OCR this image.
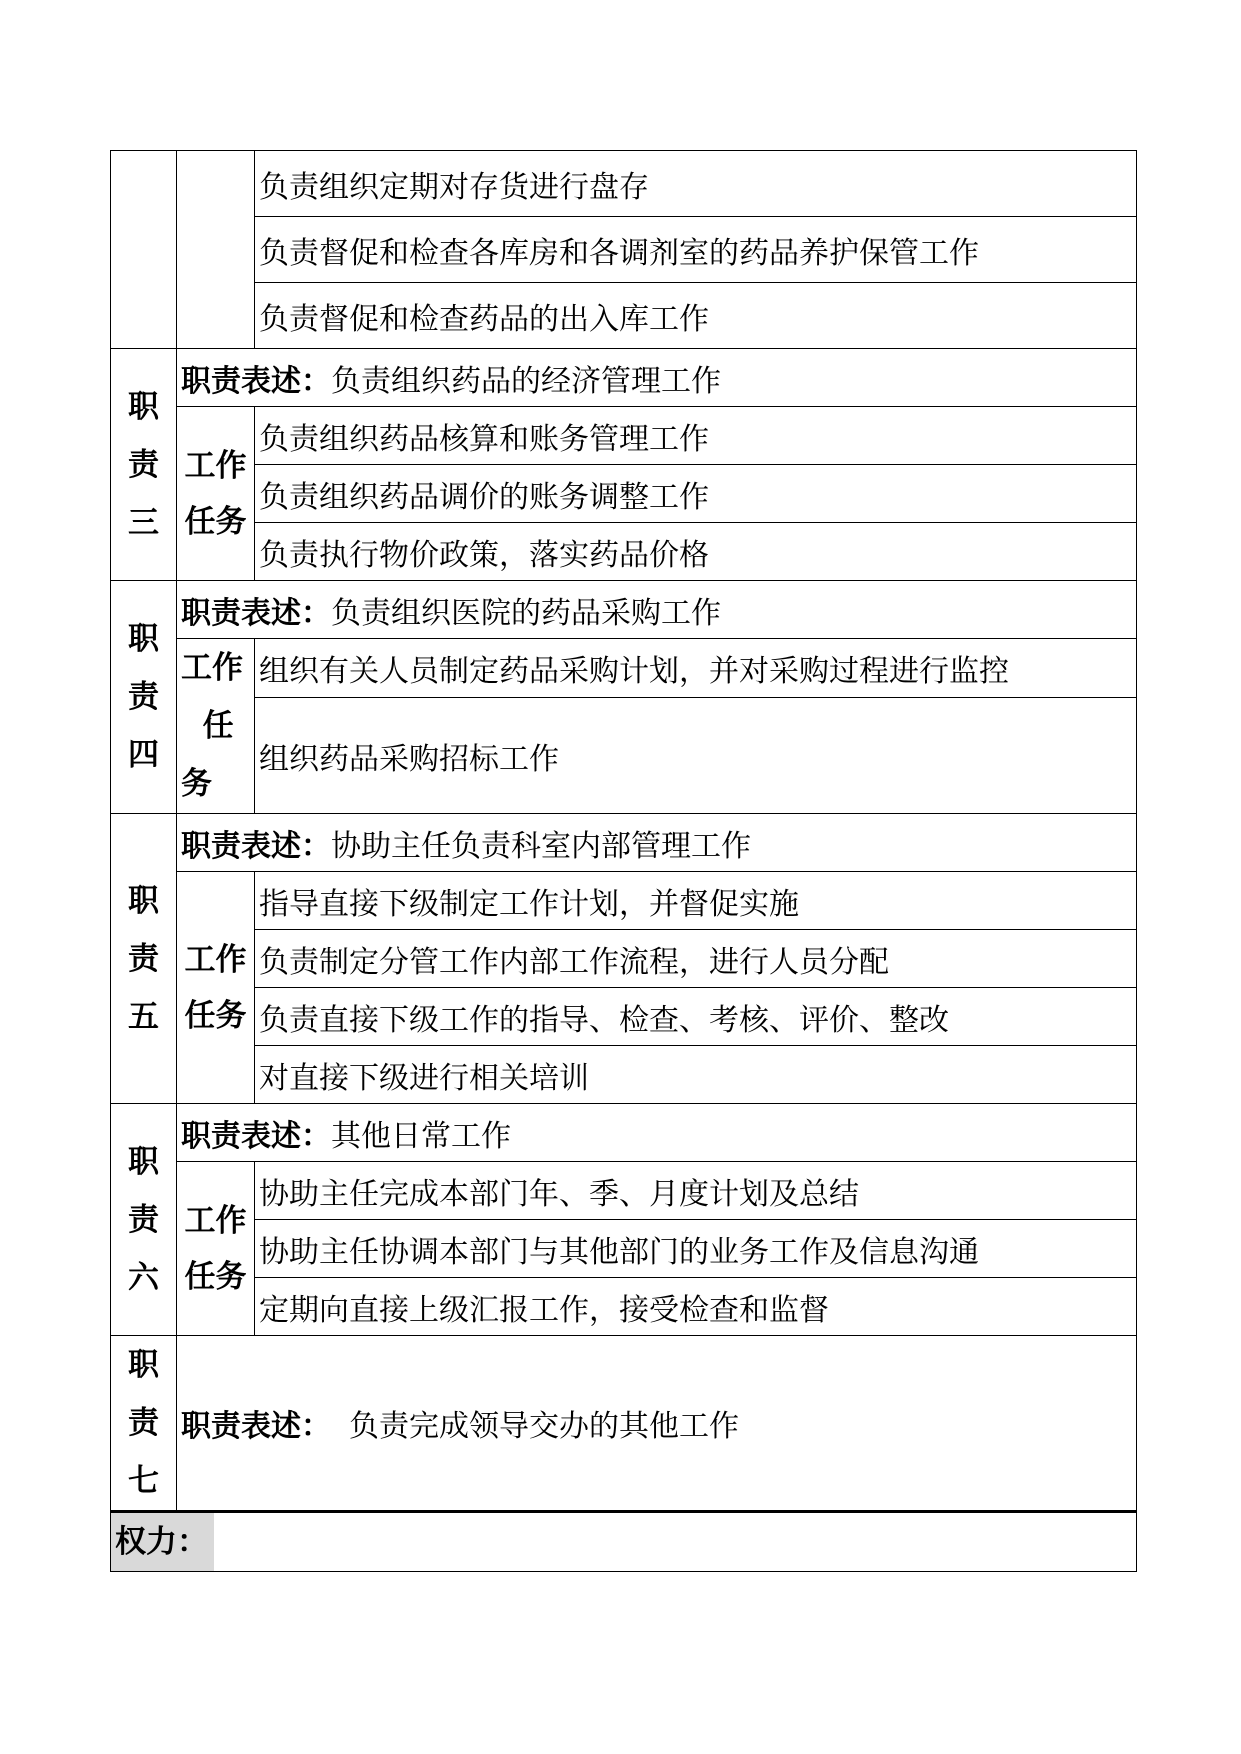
		负责组织定期对存货进行盘存
		负责督促和检查各库房和各调剂室的药品养护保管工作
		负责督促和检查药品的出入库工作

职
责
三	职责表述：负责组织药品的经济管理工作	

	工作
任务	负责组织药品核算和账务管理工作
		负责组织药品调价的账务调整工作
		负责执行物价政策，落实药品价格

职
责
四	职责表述：负责组织医院的药品采购工作	

	工作
任
务	组织有关人员制定药品采购计划，并对采购过程进行监控
		组织药品采购招标工作

职
责
五	职责表述：协助主任负责科室内部管理工作	

	工作
任务	指导直接下级制定工作计划，并督促实施
		负责制定分管工作内部工作流程，进行人员分配
		负责直接下级工作的指导、检查、考核、评价、整改
		对直接下级进行相关培训

职
责
六	职责表述：其他日常工作	

	工作
任务	协助主任完成本部门年、季、月度计划及总结
		协助主任协调本部门与其他部门的业务工作及信息沟通
		定期向直接上级汇报工作，接受检查和监督

职
责
七	职责表述： 负责完成领导交办的其他工作	
权力：		
